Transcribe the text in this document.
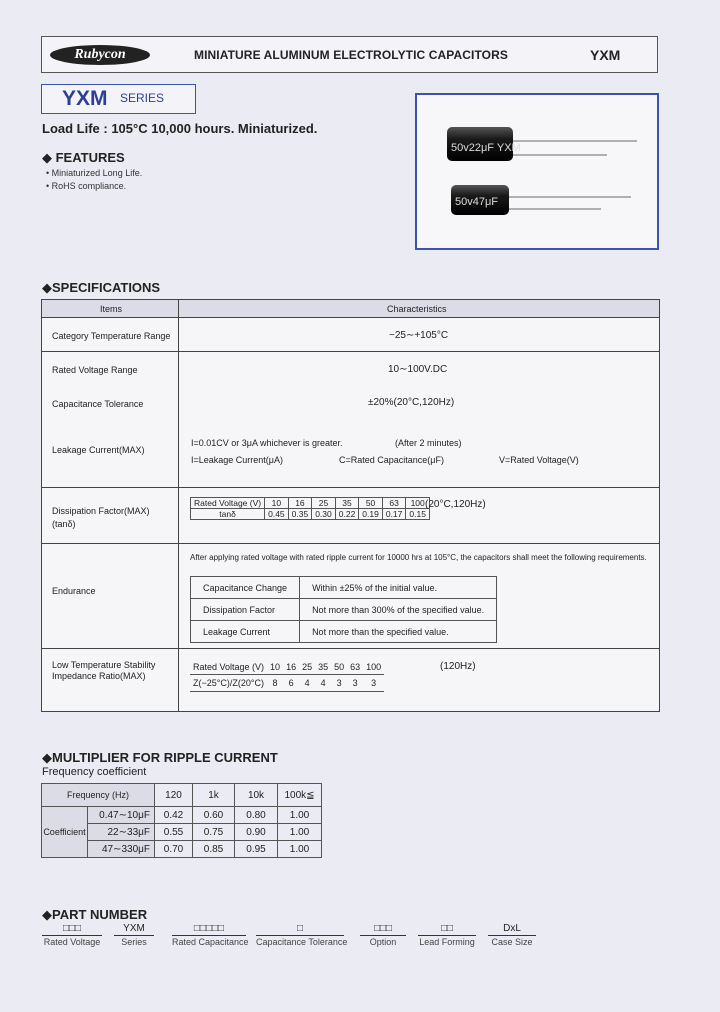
Rubycon	MINIATURE ALUMINUM ELECTROLYTIC CAPACITORS	YXM
YXM SERIES
Load Life : 105°C 10,000 hours. Miniaturized.
◆ FEATURES
• Miniaturized Long Life.
• RoHS compliance.
50v22μF YXM
50v47μF
◆SPECIFICATIONS
Items	Characteristics
Category Temperature Range	−25∼+105°C
Rated Voltage Range	10∼100V.DC
Capacitance Tolerance	±20%(20°C,120Hz)
Leakage Current(MAX)
I=0.01CV or 3μA whichever is greater.	(After 2 minutes)
I=Leakage Current(μA)	C=Rated Capacitance(μF)	V=Rated Voltage(V)
Dissipation Factor(MAX)
(tanδ)
Rated Voltage (V)	10	16	25	35	50	63	100
tanδ	0.45	0.35	0.30	0.22	0.19	0.17	0.15
(20°C,120Hz)
Endurance
After applying rated voltage with rated ripple current for 10000 hrs at 105°C, the capacitors shall meet the following requirements.
Capacitance Change	Within ±25% of the initial value.
Dissipation Factor	Not more than 300% of the specified value.
Leakage Current	Not more than the specified value.
Low Temperature Stability
Impedance Ratio(MAX)
Rated Voltage (V)	10	16	25	35	50	63	100
Z(−25°C)/Z(20°C)	8	6	4	4	3	3	3
(120Hz)
◆MULTIPLIER FOR RIPPLE CURRENT
Frequency coefficient
Frequency (Hz)		120	1k	10k	100k≦
Coefficient	0.47∼10μF	0.42	0.60	0.80	1.00
	22∼33μF	0.55	0.75	0.90	1.00
	47∼330μF	0.70	0.85	0.95	1.00
◆PART NUMBER
□□□
Rated Voltage
YXM
Series
□□□□□
Rated Capacitance
□
Capacitance Tolerance
□□□
Option
□□
Lead Forming
DxL
Case Size
